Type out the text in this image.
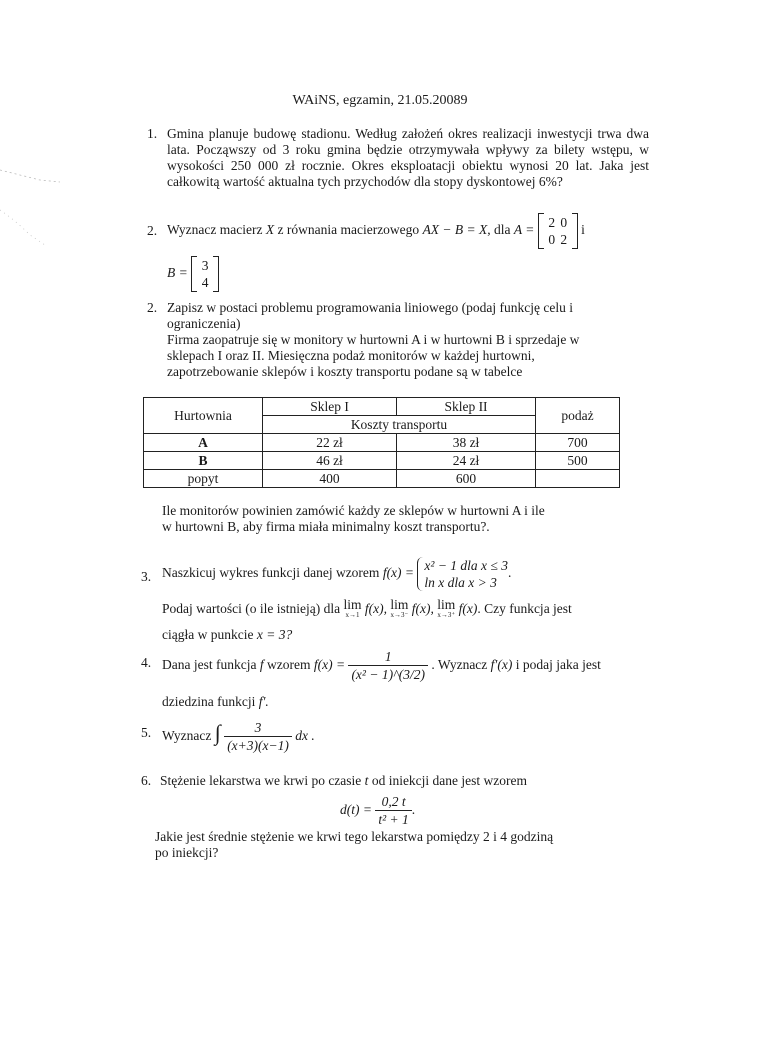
WAiNS, egzamin, 21.05.20089
1. Gmina planuje budowę stadionu. Według założeń okres realizacji inwestycji trwa dwa lata. Począwszy od 3 roku gmina będzie otrzymywała wpływy za bilety wstępu, w wysokości 250 000 zł rocznie. Okres eksploatacji obiektu wynosi 20 lat. Jaka jest całkowitą wartość aktualna tych przychodów dla stopy dyskontowej 6%?
2. Wyznacz macierz X z równania macierzowego AX − B = X, dla A = 2 0
0 2
i
B = 3
4
2. Zapisz w postaci problemu programowania liniowego (podaj funkcję celu i
ograniczenia)
Firma zaopatruje się w monitory w hurtowni A i w hurtowni B i sprzedaje w
sklepach I oraz II. Miesięczna podaż monitorów w każdej hurtowni,
zapotrzebowanie sklepów i koszty transportu podane są w tabelce
Hurtownia	Sklep I	Sklep II	podaż
	Koszty transportu		
A	22 zł	38 zł	700
B	46 zł	24 zł	500
popyt	400	600	
Ile monitorów powinien zamówić każdy ze sklepów w hurtowni A i ile
w hurtowni B, aby firma miała minimalny koszt transportu?.
3. Naszkicuj wykres funkcji danej wzorem f(x) = x² − 1 dla x ≤ 3
ln x dla x > 3
.
Podaj wartości (o ile istnieją) dla lim
x→1 f(x), lim
x→3⁻ f(x), lim
x→3⁺ f(x). Czy funkcja jest
ciągła w punkcie x = 3?
4. Dana jest funkcja f wzorem $f(x) = \frac{1}{\text{(x² − 1)\textasciicircum{}(3/2)}}$ . Wyznacz f′(x) i podaj jaka jest
dziedzina funkcji f′.
5. Wyznacz ∫ $\frac{3}{(x+3)(x-1)}$ dx .
6. Stężenie lekarstwa we krwi po czasie t od iniekcji dane jest wzorem
$d(t) = \frac{0,2 t}{\text{t² + 1}}$ .
Jakie jest średnie stężenie we krwi tego lekarstwa pomiędzy 2 i 4 godziną
po iniekcji?
